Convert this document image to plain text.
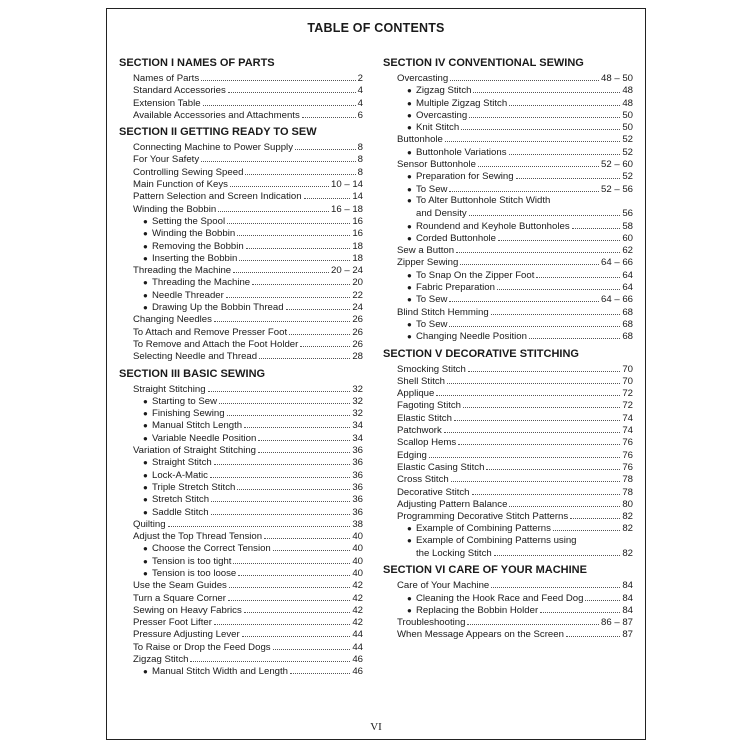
TABLE OF CONTENTS
SECTION I NAMES OF PARTS
Names of Parts	2
Standard Accessories	4
Extension Table	4
Available Accessories and Attachments	6
SECTION II GETTING READY TO SEW
Connecting Machine to Power Supply	8
For Your Safety	8
Controlling Sewing Speed	8
Main Function of Keys	10 – 14
Pattern Selection and Screen Indication	14
Winding the Bobbin	16 – 18
● Setting the Spool	16
● Winding the Bobbin	16
● Removing the Bobbin	18
● Inserting the Bobbin	18
Threading the Machine	20 – 24
● Threading the Machine	20
● Needle Threader	22
● Drawing Up the Bobbin Thread	24
Changing Needles	26
To Attach and Remove Presser Foot	26
To Remove and Attach the Foot Holder	26
Selecting Needle and Thread	28
SECTION III BASIC SEWING
Straight Stitching	32
● Starting to Sew	32
● Finishing Sewing	32
● Manual Stitch Length	34
● Variable Needle Position	34
Variation of Straight Stitching	36
● Straight Stitch	36
● Lock-A-Matic	36
● Triple Stretch Stitch	36
● Stretch Stitch	36
● Saddle Stitch	36
Quilting	38
Adjust the Top Thread Tension	40
● Choose the Correct Tension	40
● Tension is too tight	40
● Tension is too loose	40
Use the Seam Guides	42
Turn a Square Corner	42
Sewing on Heavy Fabrics	42
Presser Foot Lifter	42
Pressure Adjusting Lever	44
To Raise or Drop the Feed Dogs	44
Zigzag Stitch	46
● Manual Stitch Width and Length	46
SECTION IV CONVENTIONAL SEWING
Overcasting	48 – 50
● Zigzag Stitch	48
● Multiple Zigzag Stitch	48
● Overcasting	50
● Knit Stitch	50
Buttonhole	52
● Buttonhole Variations	52
Sensor Buttonhole	52 – 60
● Preparation for Sewing	52
● To Sew	52 – 56
● To Alter Buttonhole Stitch Width
and Density	56
● Roundend and Keyhole Buttonholes	58
● Corded Buttonhole	60
Sew a Button	62
Zipper Sewing	64 – 66
● To Snap On the Zipper Foot	64
● Fabric Preparation	64
● To Sew	64 – 66
Blind Stitch Hemming	68
● To Sew	68
● Changing Needle Position	68
SECTION V DECORATIVE STITCHING
Smocking Stitch	70
Shell Stitch	70
Applique	72
Fagoting Stitch	72
Elastic Stitch	74
Patchwork	74
Scallop Hems	76
Edging	76
Elastic Casing Stitch	76
Cross Stitch	78
Decorative Stitch	78
Adjusting Pattern Balance	80
Programming Decorative Stitch Patterns	82
● Example of Combining Patterns	82
● Example of Combining Patterns using
the Locking Stitch	82
SECTION VI CARE OF YOUR MACHINE
Care of Your Machine	84
● Cleaning the Hook Race and Feed Dog	84
● Replacing the Bobbin Holder	84
Troubleshooting	86 – 87
When Message Appears on the Screen	87
VI
